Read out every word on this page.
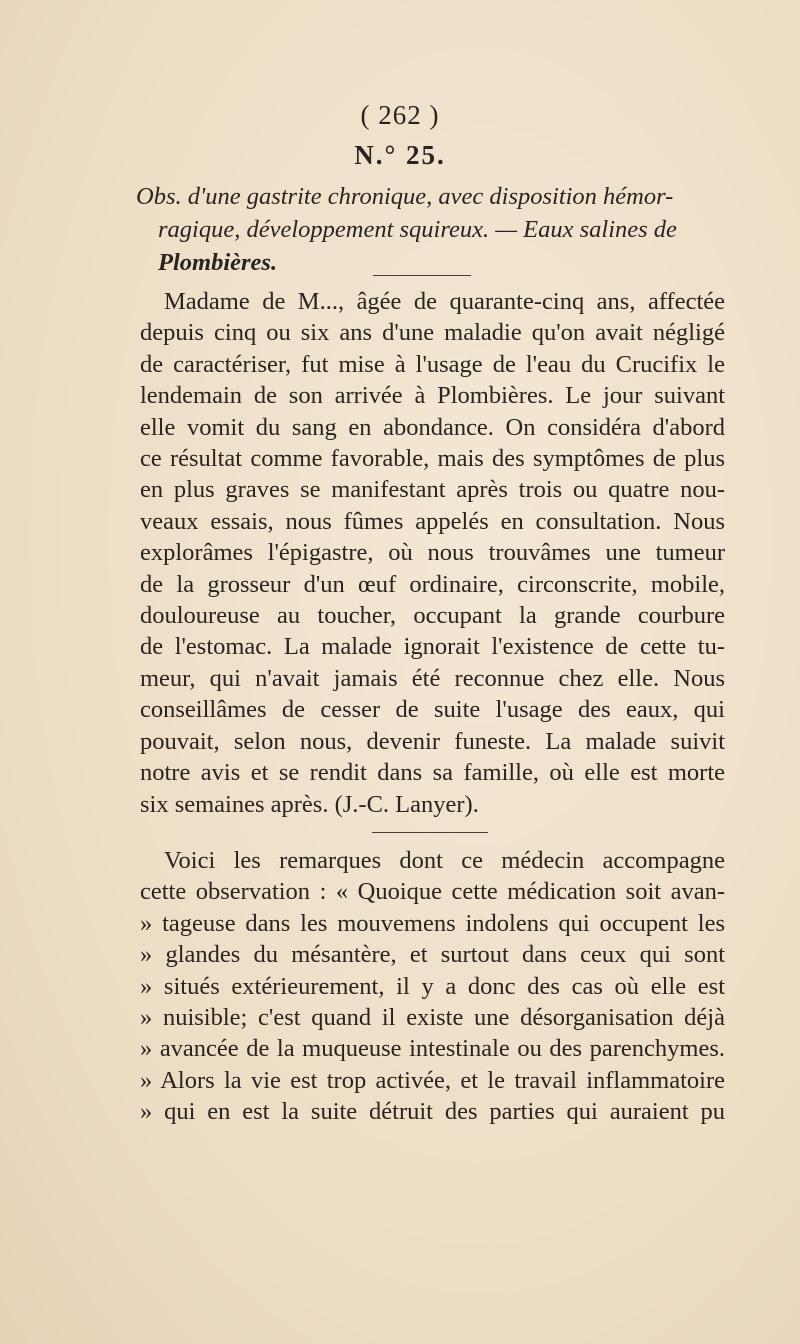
( 262 )
N.° 25.
Obs. d'une gastrite chronique, avec disposition hémor-
ragique, développement squireux. — Eaux salines de
Plombières.
Madame de M..., âgée de quarante-cinq ans, affectée
depuis cinq ou six ans d'une maladie qu'on avait négligé
de caractériser, fut mise à l'usage de l'eau du Crucifix le
lendemain de son arrivée à Plombières. Le jour suivant
elle vomit du sang en abondance. On considéra d'abord
ce résultat comme favorable, mais des symptômes de plus
en plus graves se manifestant après trois ou quatre nou-
veaux essais, nous fûmes appelés en consultation. Nous
explorâmes l'épigastre, où nous trouvâmes une tumeur
de la grosseur d'un œuf ordinaire, circonscrite, mobile,
douloureuse au toucher, occupant la grande courbure
de l'estomac. La malade ignorait l'existence de cette tu-
meur, qui n'avait jamais été reconnue chez elle. Nous
conseillâmes de cesser de suite l'usage des eaux, qui
pouvait, selon nous, devenir funeste. La malade suivit
notre avis et se rendit dans sa famille, où elle est morte
six semaines après. (J.-C. Lanyer).
Voici les remarques dont ce médecin accompagne
cette observation : « Quoique cette médication soit avan-
» tageuse dans les mouvemens indolens qui occupent les
» glandes du mésantère, et surtout dans ceux qui sont
» situés extérieurement, il y a donc des cas où elle est
» nuisible; c'est quand il existe une désorganisation déjà
» avancée de la muqueuse intestinale ou des parenchymes.
» Alors la vie est trop activée, et le travail inflammatoire
» qui en est la suite détruit des parties qui auraient pu
